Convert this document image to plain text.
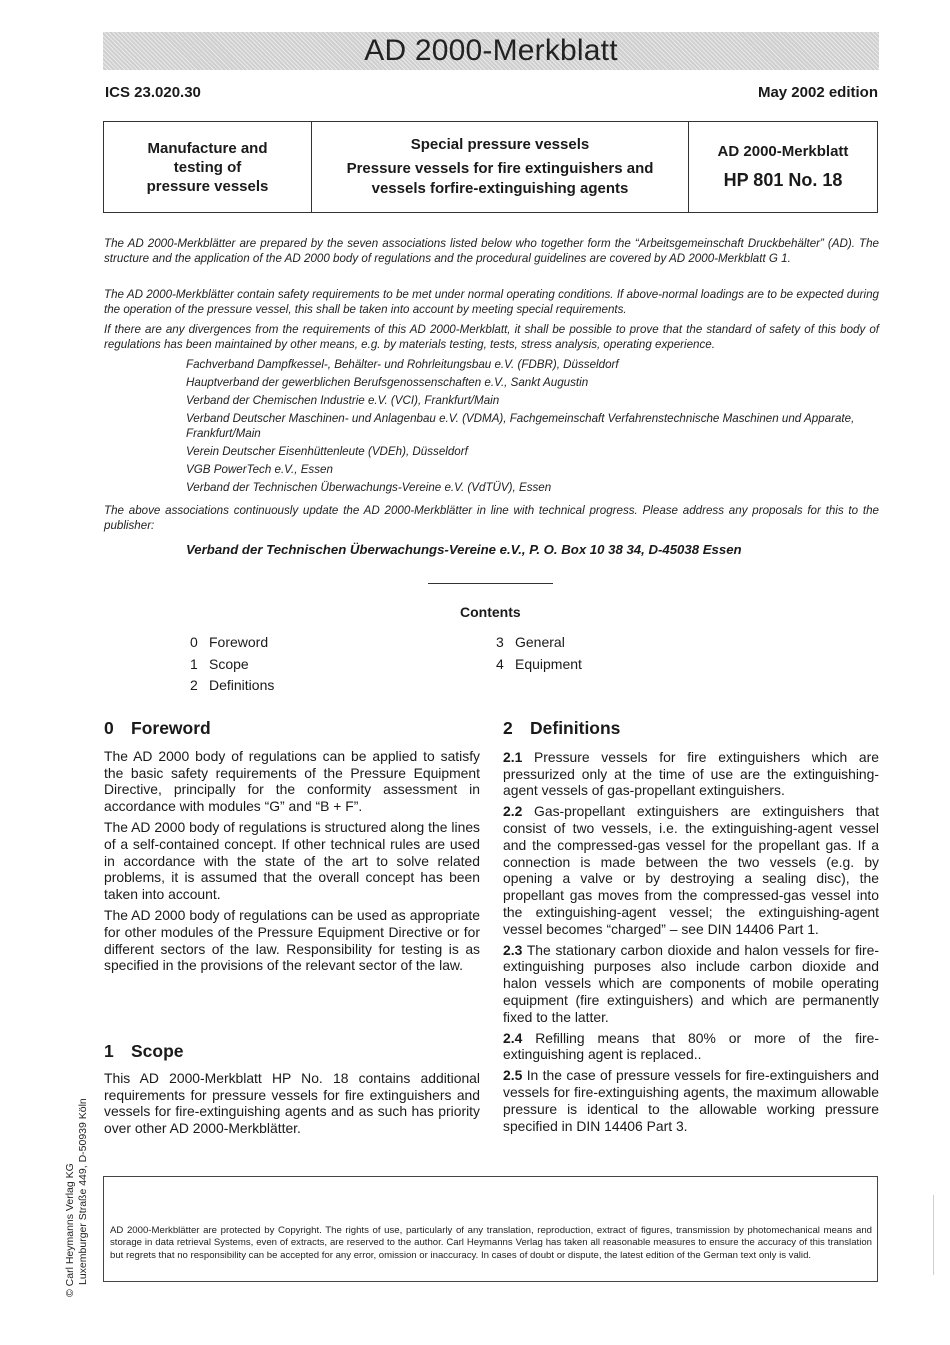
AD 2000-Merkblatt
ICS 23.020.30	May 2002 edition
Manufacture and
testing of
pressure vessels
Special pressure vessels
Pressure vessels for fire extinguishers and
vessels forfire-extinguishing agents
AD 2000-Merkblatt
HP 801 No. 18

The AD 2000-Merkblätter are prepared by the seven associations listed below who together form the “Arbeitsgemeinschaft Druckbehälter” (AD). The structure and the application of the AD 2000 body of regulations and the procedural guidelines are covered by AD 2000-Merkblatt G 1.

The AD 2000-Merkblätter contain safety requirements to be met under normal operating conditions. If above-normal loadings are to be expected during the operation of the pressure vessel, this shall be taken into account by meeting special requirements.

If there are any divergences from the requirements of this AD 2000-Merkblatt, it shall be possible to prove that the standard of safety of this body of regulations has been maintained by other means, e.g. by materials testing, tests, stress analysis, operating experience.

Fachverband Dampfkessel-, Behälter- und Rohrleitungsbau e.V. (FDBR), Düsseldorf
Hauptverband der gewerblichen Berufsgenossenschaften e.V., Sankt Augustin
Verband der Chemischen Industrie e.V. (VCI), Frankfurt/Main
Verband Deutscher Maschinen- und Anlagenbau e.V. (VDMA), Fachgemeinschaft Verfahrenstechnische Maschinen und Apparate, Frankfurt/Main
Verein Deutscher Eisenhüttenleute (VDEh), Düsseldorf
VGB PowerTech e.V., Essen
Verband der Technischen Überwachungs-Vereine e.V. (VdTÜV), Essen

The above associations continuously update the AD 2000-Merkblätter in line with technical progress. Please address any proposals for this to the publisher:

Verband der Technischen Überwachungs-Vereine e.V., P. O. Box 10 38 34, D-45038 Essen
Contents
0 Foreword
1 Scope
2 Definitions
3 General
4 Equipment
0 Foreword

The AD 2000 body of regulations can be applied to satisfy the basic safety requirements of the Pressure Equipment Directive, principally for the conformity assessment in accordance with modules “G” and “B + F”.

The AD 2000 body of regulations is structured along the lines of a self-contained concept. If other technical rules are used in accordance with the state of the art to solve related problems, it is assumed that the overall concept has been taken into account.

The AD 2000 body of regulations can be used as appropriate for other modules of the Pressure Equipment Directive or for different sectors of the law. Responsibility for testing is as specified in the provisions of the relevant sector of the law.

1 Scope

This AD 2000-Merkblatt HP No. 18 contains additional requirements for pressure vessels for fire extinguishers and vessels for fire-extinguishing agents and as such has priority over other AD 2000-Merkblätter.

2 Definitions

2.1 Pressure vessels for fire extinguishers which are pressurized only at the time of use are the extinguishing-agent vessels of gas-propellant extinguishers.

2.2 Gas-propellant extinguishers are extinguishers that consist of two vessels, i.e. the extinguishing-agent vessel and the compressed-gas vessel for the propellant gas. If a connection is made between the two vessels (e.g. by opening a valve or by destroying a sealing disc), the propellant gas moves from the compressed-gas vessel into the extinguishing-agent vessel; the extinguishing-agent vessel becomes “charged” – see DIN 14406 Part 1.

2.3 The stationary carbon dioxide and halon vessels for fire-extinguishing purposes also include carbon dioxide and halon vessels which are components of mobile operating equipment (fire extinguishers) and which are permanently fixed to the latter.

2.4 Refilling means that 80% or more of the fire-extinguishing agent is replaced..

2.5 In the case of pressure vessels for fire-extinguishers and vessels for fire-extinguishing agents, the maximum allowable pressure is identical to the allowable working pressure specified in DIN 14406 Part 3.

AD 2000-Merkblätter are protected by Copyright. The rights of use, particularly of any translation, reproduction, extract of figures, transmission by photomechanical means and storage in data retrieval Systems, even of extracts, are reserved to the author. Carl Heymanns Verlag has taken all reasonable measures to ensure the accuracy of this translation but regrets that no responsibility can be accepted for any error, omission or inaccuracy. In cases of doubt or dispute, the latest edition of the German text only is valid.

© Carl Heymanns Verlag KG Luxemburger Straße 449, D-50939 Köln
